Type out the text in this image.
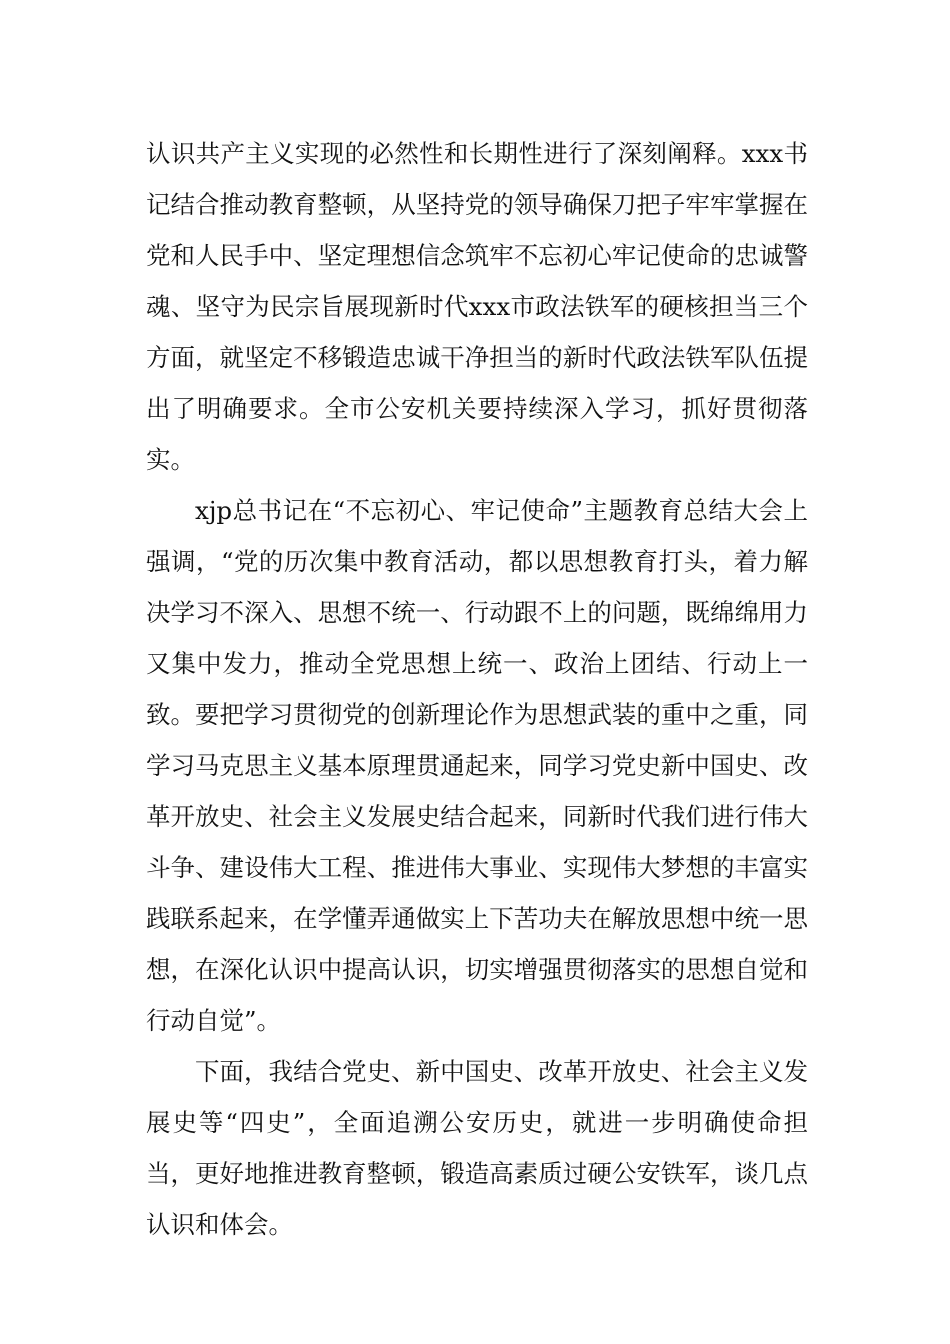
认识共产主义实现的必然性和长期性进行了深刻阐释。xxx书记结合推动教育整顿，从坚持党的领导确保刀把子牢牢掌握在党和人民手中、坚定理想信念筑牢不忘初心牢记使命的忠诚警魂、坚守为民宗旨展现新时代xxx市政法铁军的硬核担当三个方面，就坚定不移锻造忠诚干净担当的新时代政法铁军队伍提出了明确要求。全市公安机关要持续深入学习，抓好贯彻落实。

xjp总书记在“不忘初心、牢记使命”主题教育总结大会上强调，“党的历次集中教育活动，都以思想教育打头，着力解决学习不深入、思想不统一、行动跟不上的问题，既绵绵用力又集中发力，推动全党思想上统一、政治上团结、行动上一致。要把学习贯彻党的创新理论作为思想武装的重中之重，同学习马克思主义基本原理贯通起来，同学习党史新中国史、改革开放史、社会主义发展史结合起来，同新时代我们进行伟大斗争、建设伟大工程、推进伟大事业、实现伟大梦想的丰富实践联系起来，在学懂弄通做实上下苦功夫在解放思想中统一思想，在深化认识中提高认识，切实增强贯彻落实的思想自觉和行动自觉”。

下面，我结合党史、新中国史、改革开放史、社会主义发展史等“四史”，全面追溯公安历史，就进一步明确使命担当，更好地推进教育整顿，锻造高素质过硬公安铁军，谈几点认识和体会。
